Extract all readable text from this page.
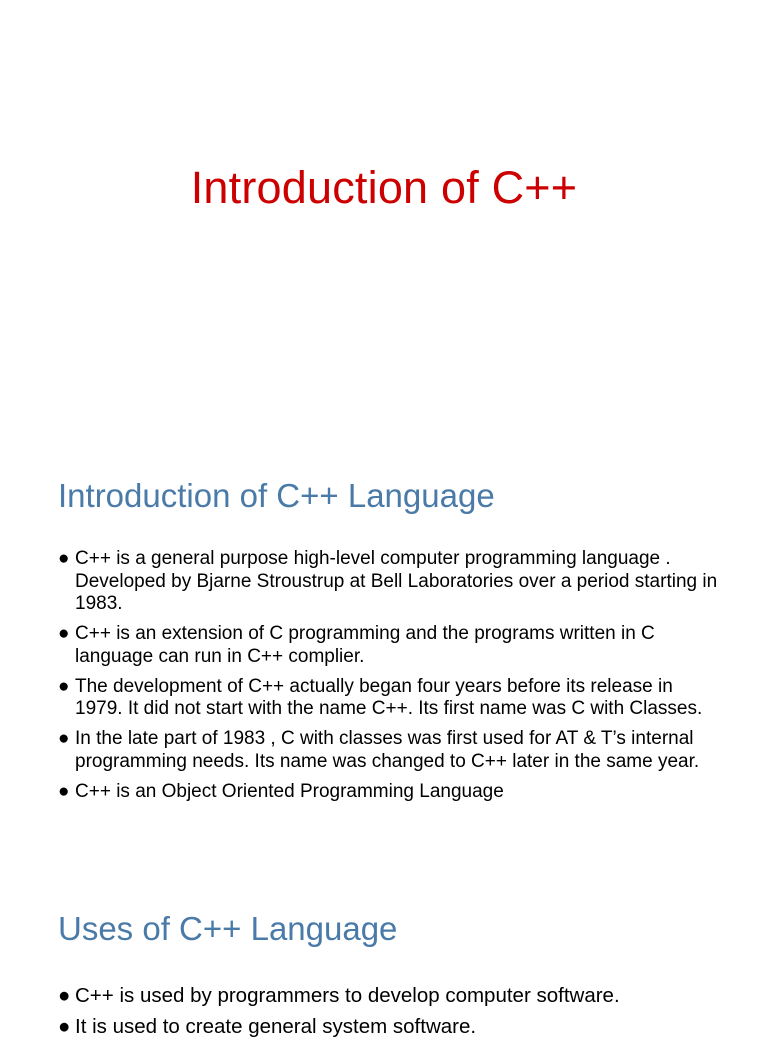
Introduction of C++
Introduction of C++ Language
● C++ is a general purpose high-level computer programming language . Developed by Bjarne Stroustrup at Bell Laboratories over a period starting in 1983.
● C++ is an extension of C programming and the programs written in C language can run in C++ complier.
● The development of C++ actually began four years before its release in 1979. It did not start with the name C++. Its first name was C with Classes.
● In the late part of 1983 , C with classes was first used for AT & T’s internal programming needs. Its name was changed to C++ later in the same year.
● C++ is an Object Oriented Programming Language
Uses of C++ Language
● C++ is used by programmers to develop computer software.
● It is used to create general system software.
